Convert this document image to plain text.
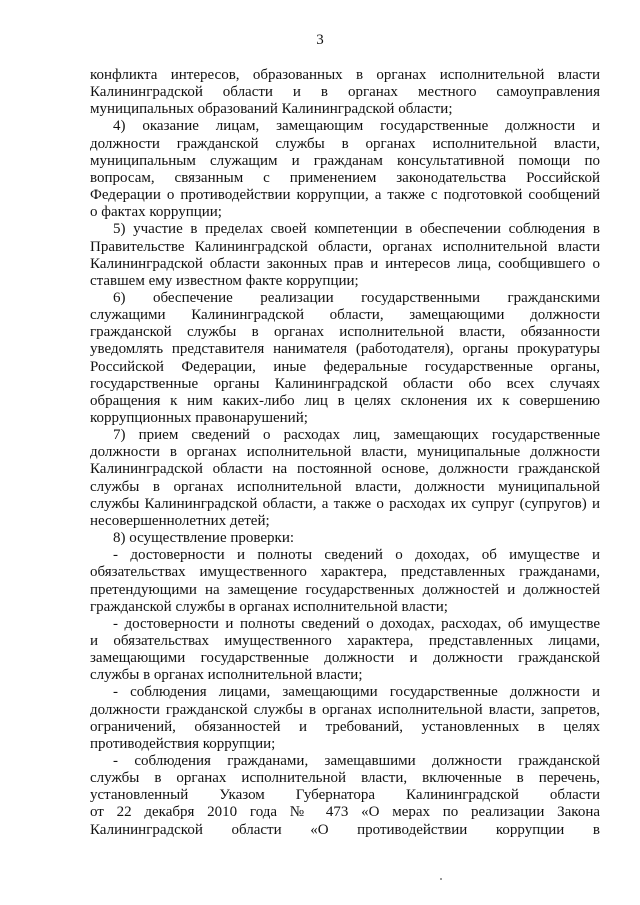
3
конфликта интересов, образованных в органах исполнительной власти
Калининградской области и в органах местного самоуправления
муниципальных образований Калининградской области;
4) оказание лицам, замещающим государственные должности и
должности гражданской службы в органах исполнительной власти,
муниципальным служащим и гражданам консультативной помощи по
вопросам, связанным с применением законодательства Российской
Федерации о противодействии коррупции, а также с подготовкой сообщений
о фактах коррупции;
5) участие в пределах своей компетенции в обеспечении соблюдения в
Правительстве Калининградской области, органах исполнительной власти
Калининградской области законных прав и интересов лица, сообщившего о
ставшем ему известном факте коррупции;
6) обеспечение реализации государственными гражданскими
служащими Калининградской области, замещающими должности
гражданской службы в органах исполнительной власти, обязанности
уведомлять представителя нанимателя (работодателя), органы прокуратуры
Российской Федерации, иные федеральные государственные органы,
государственные органы Калининградской области обо всех случаях
обращения к ним каких-либо лиц в целях склонения их к совершению
коррупционных правонарушений;
7) прием сведений о расходах лиц, замещающих государственные
должности в органах исполнительной власти, муниципальные должности
Калининградской области на постоянной основе, должности гражданской
службы в органах исполнительной власти, должности муниципальной
службы Калининградской области, а также о расходах их супруг (супругов) и
несовершеннолетних детей;
8) осуществление проверки:
- достоверности и полноты сведений о доходах, об имуществе и
обязательствах имущественного характера, представленных гражданами,
претендующими на замещение государственных должностей и должностей
гражданской службы в органах исполнительной власти;
- достоверности и полноты сведений о доходах, расходах, об имуществе
и обязательствах имущественного характера, представленных лицами,
замещающими государственные должности и должности гражданской
службы в органах исполнительной власти;
- соблюдения лицами, замещающими государственные должности и
должности гражданской службы в органах исполнительной власти, запретов,
ограничений, обязанностей и требований, установленных в целях
противодействия коррупции;
- соблюдения гражданами, замещавшими должности гражданской
службы в органах исполнительной власти, включенные в перечень,
установленный Указом Губернатора Калининградской области
от 22 декабря 2010 года № 473 «О мерах по реализации Закона
Калининградской области «О противодействии коррупции в
